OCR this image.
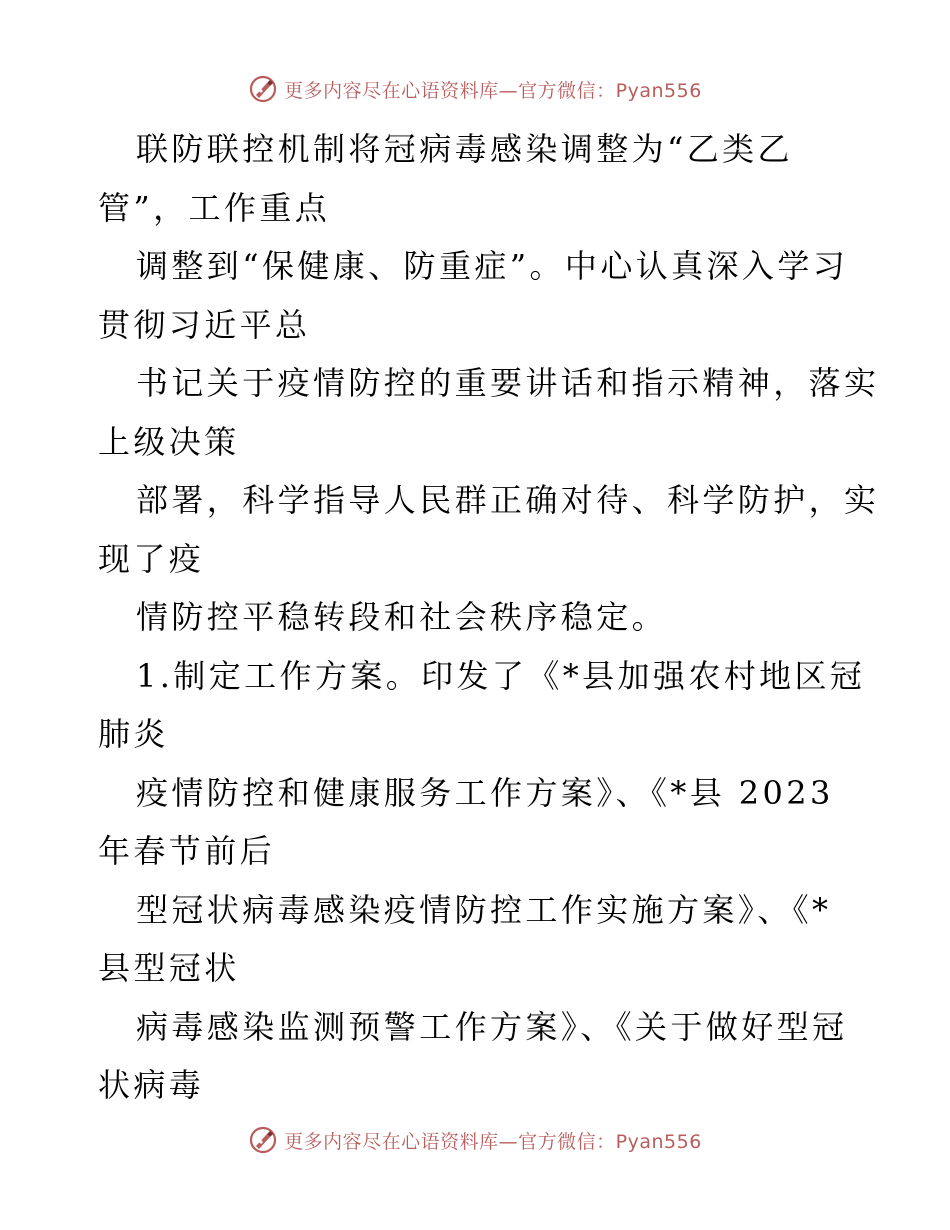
更多内容尽在心语资料库—官方微信：Pyan556
联防联控机制将冠病毒感染调整为“乙类乙
管”，工作重点
调整到“保健康、防重症”。中心认真深入学习
贯彻习近平总
书记关于疫情防控的重要讲话和指示精神，落实
上级决策
部署，科学指导人民群正确对待、科学防护，实
现了疫
情防控平稳转段和社会秩序稳定。
1.制定工作方案。印发了《*县加强农村地区冠
肺炎
疫情防控和健康服务工作方案》、《*县 2023
年春节前后
型冠状病毒感染疫情防控工作实施方案》、《*
县型冠状
病毒感染监测预警工作方案》、《关于做好型冠
状病毒
更多内容尽在心语资料库—官方微信：Pyan556
